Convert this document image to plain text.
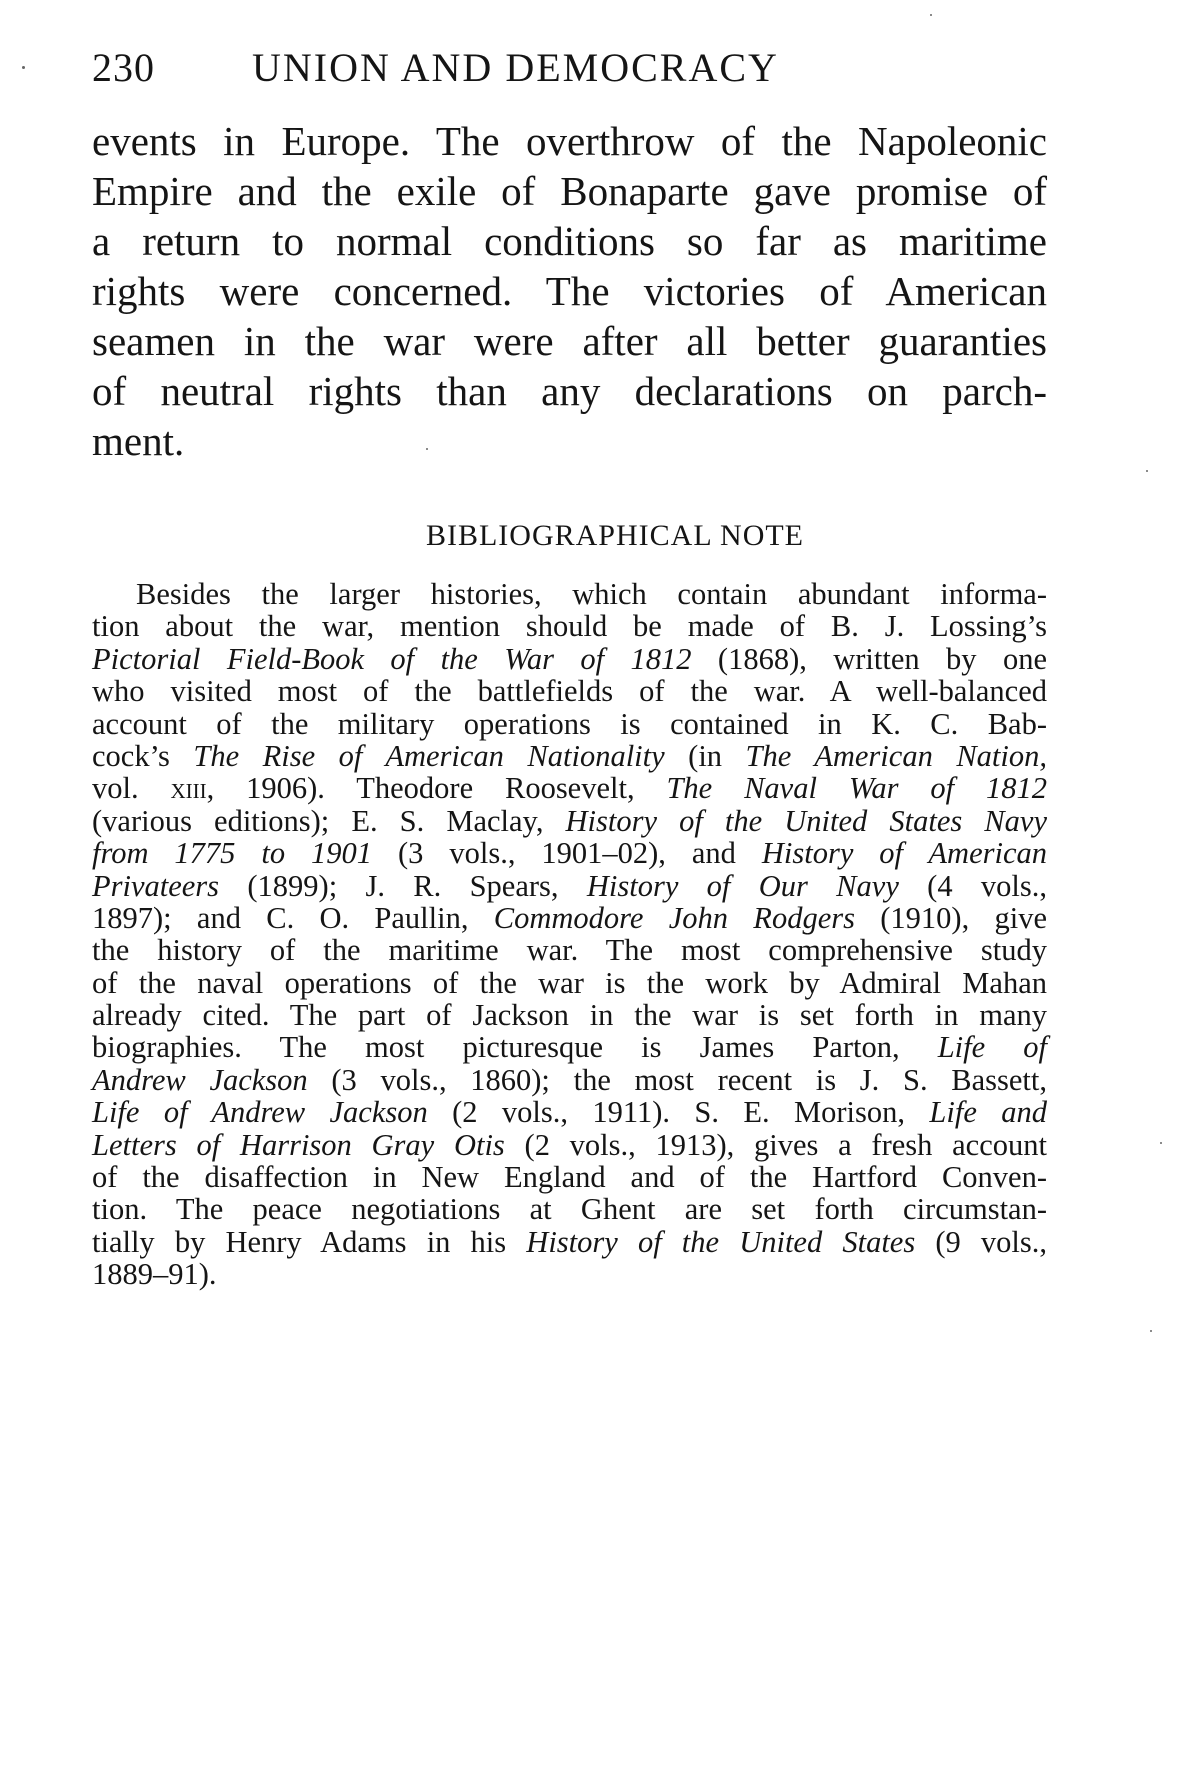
230 UNION AND DEMOCRACY
events in Europe. The overthrow of the Napoleonic
Empire and the exile of Bonaparte gave promise of
a return to normal conditions so far as maritime
rights were concerned. The victories of American
seamen in the war were after all better guaranties
of neutral rights than any declarations on parch-
ment.
BIBLIOGRAPHICAL NOTE
Besides the larger histories, which contain abundant informa-
tion about the war, mention should be made of B. J. Lossing’s
Pictorial Field-Book of the War of 1812 (1868), written by one
who visited most of the battlefields of the war. A well-balanced
account of the military operations is contained in K. C. Bab-
cock’s The Rise of American Nationality (in The American Nation,
vol. xiii, 1906). Theodore Roosevelt, The Naval War of 1812
(various editions); E. S. Maclay, History of the United States Navy
from 1775 to 1901 (3 vols., 1901–02), and History of American
Privateers (1899); J. R. Spears, History of Our Navy (4 vols.,
1897); and C. O. Paullin, Commodore John Rodgers (1910), give
the history of the maritime war. The most comprehensive study
of the naval operations of the war is the work by Admiral Mahan
already cited. The part of Jackson in the war is set forth in many
biographies. The most picturesque is James Parton, Life of
Andrew Jackson (3 vols., 1860); the most recent is J. S. Bassett,
Life of Andrew Jackson (2 vols., 1911). S. E. Morison, Life and
Letters of Harrison Gray Otis (2 vols., 1913), gives a fresh account
of the disaffection in New England and of the Hartford Conven-
tion. The peace negotiations at Ghent are set forth circumstan-
tially by Henry Adams in his History of the United States (9 vols.,
1889–91).
